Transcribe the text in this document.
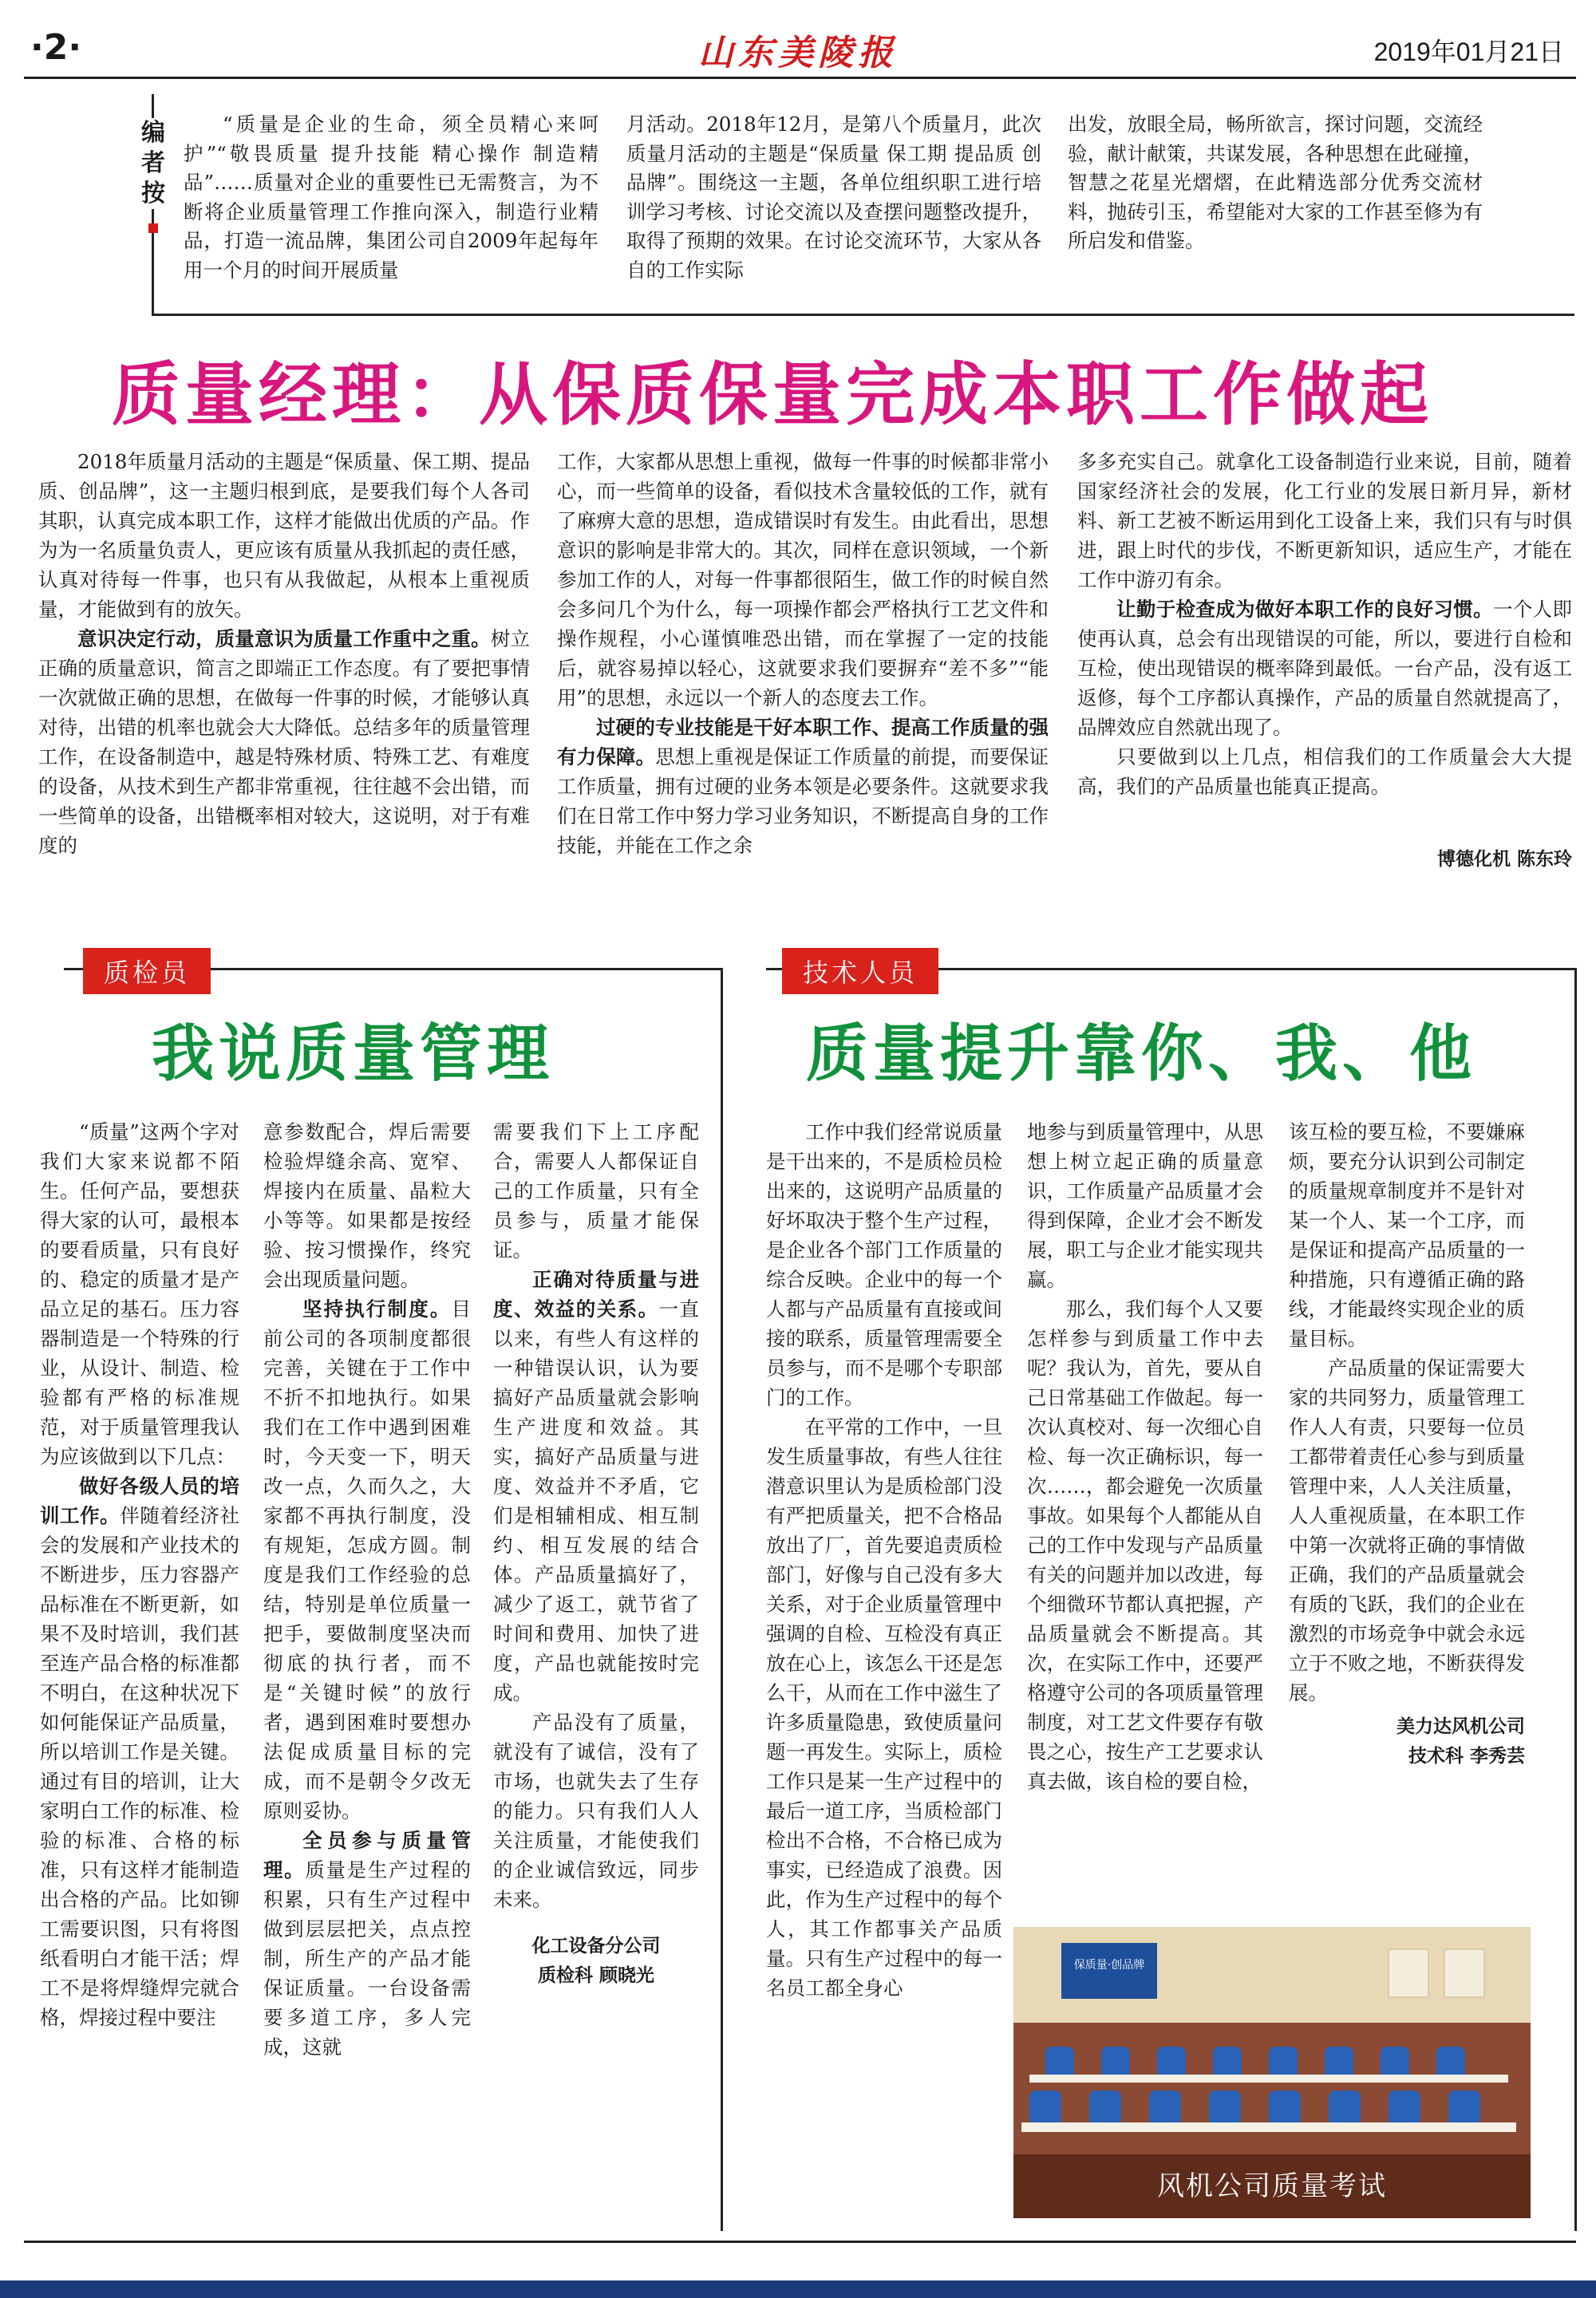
·2·	山东美陵报	2019年01月21日
编者按
“质量是企业的生命，须全员精心来呵护”“敬畏质量 提升技能 精心操作 制造精品”……质量对企业的重要性已无需赘言，为不断将企业质量管理工作推向深入，制造行业精品，打造一流品牌，集团公司自2009年起每年用一个月的时间开展质量
月活动。2018年12月，是第八个质量月，此次质量月活动的主题是“保质量 保工期 提品质 创品牌”。围绕这一主题，各单位组织职工进行培训学习考核、讨论交流以及查摆问题整改提升，取得了预期的效果。在讨论交流环节，大家从各自的工作实际
出发，放眼全局，畅所欲言，探讨问题，交流经验，献计献策，共谋发展，各种思想在此碰撞，智慧之花星光熠熠，在此精选部分优秀交流材料，抛砖引玉，希望能对大家的工作甚至修为有所启发和借鉴。
质量经理：从保质保量完成本职工作做起

2018年质量月活动的主题是“保质量、保工期、提品质、创品牌”，这一主题归根到底，是要我们每个人各司其职，认真完成本职工作，这样才能做出优质的产品。作为为一名质量负责人，更应该有质量从我抓起的责任感，认真对待每一件事，也只有从我做起，从根本上重视质量，才能做到有的放矢。

意识决定行动，质量意识为质量工作重中之重。树立正确的质量意识，简言之即端正工作态度。有了要把事情一次就做正确的思想，在做每一件事的时候，才能够认真对待，出错的机率也就会大大降低。总结多年的质量管理工作，在设备制造中，越是特殊材质、特殊工艺、有难度的设备，从技术到生产都非常重视，往往越不会出错，而一些简单的设备，出错概率相对较大，这说明，对于有难度的

工作，大家都从思想上重视，做每一件事的时候都非常小心，而一些简单的设备，看似技术含量较低的工作，就有了麻痹大意的思想，造成错误时有发生。由此看出，思想意识的影响是非常大的。其次，同样在意识领域，一个新参加工作的人，对每一件事都很陌生，做工作的时候自然会多问几个为什么，每一项操作都会严格执行工艺文件和操作规程，小心谨慎唯恐出错，而在掌握了一定的技能后，就容易掉以轻心，这就要求我们要摒弃“差不多”“能用”的思想，永远以一个新人的态度去工作。

过硬的专业技能是干好本职工作、提高工作质量的强有力保障。思想上重视是保证工作质量的前提，而要保证工作质量，拥有过硬的业务本领是必要条件。这就要求我们在日常工作中努力学习业务知识，不断提高自身的工作技能，并能在工作之余

多多充实自己。就拿化工设备制造行业来说，目前，随着国家经济社会的发展，化工行业的发展日新月异，新材料、新工艺被不断运用到化工设备上来，我们只有与时俱进，跟上时代的步伐，不断更新知识，适应生产，才能在工作中游刃有余。

让勤于检查成为做好本职工作的良好习惯。一个人即使再认真，总会有出现错误的可能，所以，要进行自检和互检，使出现错误的概率降到最低。一台产品，没有返工返修，每个工序都认真操作，产品的质量自然就提高了，品牌效应自然就出现了。

只要做到以上几点，相信我们的工作质量会大大提高，我们的产品质量也能真正提高。

博德化机 陈东玲
质检员
我说质量管理

“质量”这两个字对我们大家来说都不陌生。任何产品，要想获得大家的认可，最根本的要看质量，只有良好的、稳定的质量才是产品立足的基石。压力容器制造是一个特殊的行业，从设计、制造、检验都有严格的标准规范，对于质量管理我认为应该做到以下几点：

做好各级人员的培训工作。伴随着经济社会的发展和产业技术的不断进步，压力容器产品标准在不断更新，如果不及时培训，我们甚至连产品合格的标准都不明白，在这种状况下如何能保证产品质量，所以培训工作是关键。通过有目的培训，让大家明白工作的标准、检验的标准、合格的标准，只有这样才能制造出合格的产品。比如铆工需要识图，只有将图纸看明白才能干活；焊工不是将焊缝焊完就合格，焊接过程中要注

意参数配合，焊后需要检验焊缝余高、宽窄、焊接内在质量、晶粒大小等等。如果都是按经验、按习惯操作，终究会出现质量问题。

坚持执行制度。目前公司的各项制度都很完善，关键在于工作中不折不扣地执行。如果我们在工作中遇到困难时，今天变一下，明天改一点，久而久之，大家都不再执行制度，没有规矩，怎成方圆。制度是我们工作经验的总结，特别是单位质量一把手，要做制度坚决而彻底的执行者，而不是“关键时候”的放行者，遇到困难时要想办法促成质量目标的完成，而不是朝令夕改无原则妥协。

全员参与质量管理。质量是生产过程的积累，只有生产过程中做到层层把关，点点控制，所生产的产品才能保证质量。一台设备需要多道工序，多人完成，这就

需要我们下上工序配合，需要人人都保证自己的工作质量，只有全员参与，质量才能保证。

正确对待质量与进度、效益的关系。一直以来，有些人有这样的一种错误认识，认为要搞好产品质量就会影响生产进度和效益。其实，搞好产品质量与进度、效益并不矛盾，它们是相辅相成、相互制约、相互发展的结合体。产品质量搞好了，减少了返工，就节省了时间和费用、加快了进度，产品也就能按时完成。

产品没有了质量，就没有了诚信，没有了市场，也就失去了生存的能力。只有我们人人关注质量，才能使我们的企业诚信致远，同步未来。

化工设备分公司
质检科 顾晓光
技术人员
质量提升靠你、我、他

工作中我们经常说质量是干出来的，不是质检员检出来的，这说明产品质量的好坏取决于整个生产过程，是企业各个部门工作质量的综合反映。企业中的每一个人都与产品质量有直接或间接的联系，质量管理需要全员参与，而不是哪个专职部门的工作。

在平常的工作中，一旦发生质量事故，有些人往往潜意识里认为是质检部门没有严把质量关，把不合格品放出了厂，首先要追责质检部门，好像与自己没有多大关系，对于企业质量管理中强调的自检、互检没有真正放在心上，该怎么干还是怎么干，从而在工作中滋生了许多质量隐患，致使质量问题一再发生。实际上，质检工作只是某一生产过程中的最后一道工序，当质检部门检出不合格，不合格已成为事实，已经造成了浪费。因此，作为生产过程中的每个人，其工作都事关产品质量。只有生产过程中的每一名员工都全身心

地参与到质量管理中，从思想上树立起正确的质量意识，工作质量产品质量才会得到保障，企业才会不断发展，职工与企业才能实现共赢。

那么，我们每个人又要怎样参与到质量工作中去呢？我认为，首先，要从自己日常基础工作做起。每一次认真校对、每一次细心自检、每一次正确标识，每一次……，都会避免一次质量事故。如果每个人都能从自己的工作中发现与产品质量有关的问题并加以改进，每个细微环节都认真把握，产品质量就会不断提高。其次，在实际工作中，还要严格遵守公司的各项质量管理制度，对工艺文件要存有敬畏之心，按生产工艺要求认真去做，该自检的要自检，

该互检的要互检，不要嫌麻烦，要充分认识到公司制定的质量规章制度并不是针对某一个人、某一个工序，而是保证和提高产品质量的一种措施，只有遵循正确的路线，才能最终实现企业的质量目标。

产品质量的保证需要大家的共同努力，质量管理工作人人有责，只要每一位员工都带着责任心参与到质量管理中来，人人关注质量，人人重视质量，在本职工作中第一次就将正确的事情做正确，我们的产品质量就会有质的飞跃，我们的企业在激烈的市场竞争中就会永远立于不败之地，不断获得发展。

美力达风机公司
技术科 李秀芸
保质量·创品牌
风机公司质量考试
